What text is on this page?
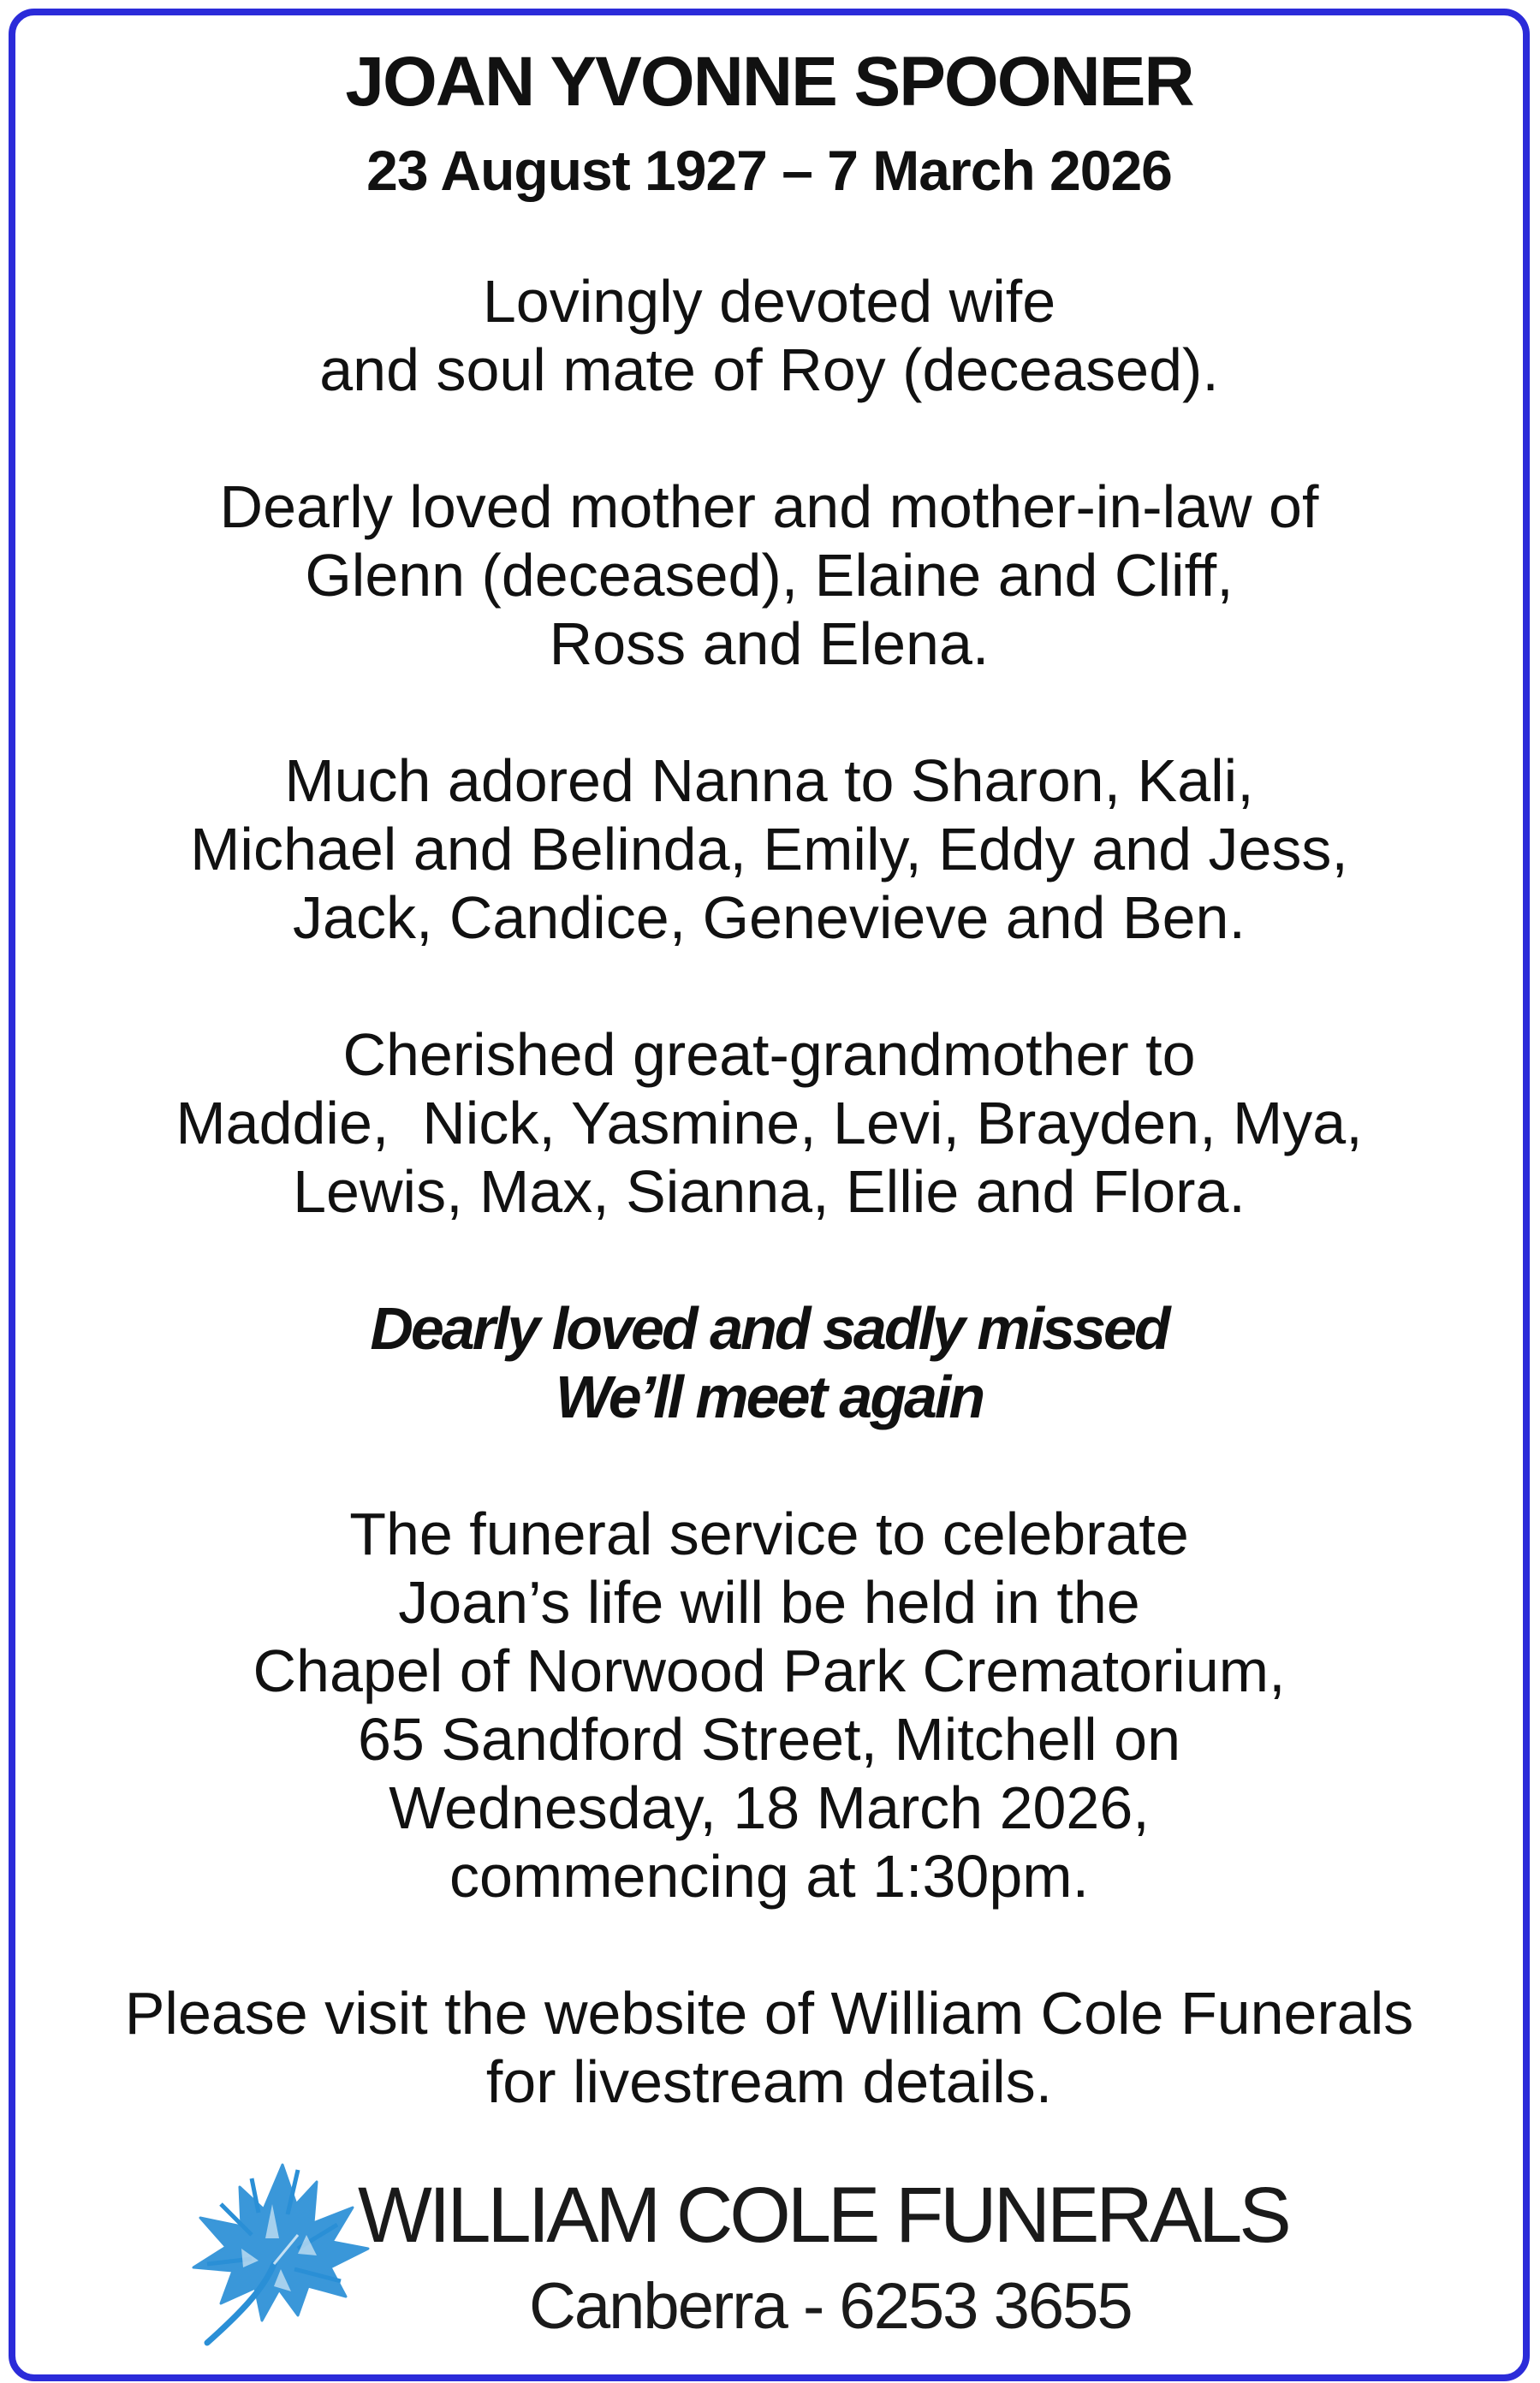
JOAN YVONNE SPOONER
23 August 1927 – 7 March 2026

Lovingly devoted wife
and soul mate of Roy (deceased).

Dearly loved mother and mother-in-law of
Glenn (deceased), Elaine and Cliff,
Ross and Elena.

Much adored Nanna to Sharon, Kali,
Michael and Belinda, Emily, Eddy and Jess,
Jack, Candice, Genevieve and Ben.

Cherished great-grandmother to
Maddie,  Nick, Yasmine, Levi, Brayden, Mya,
Lewis, Max, Sianna, Ellie and Flora.

Dearly loved and sadly missed
We’ll meet again

The funeral service to celebrate
Joan’s life will be held in the
Chapel of Norwood Park Crematorium,
65 Sandford Street, Mitchell on
Wednesday, 18 March 2026,
commencing at 1:30pm.

Please visit the website of William Cole Funerals
for livestream details.

WILLIAM COLE FUNERALS
Canberra - 6253 3655
